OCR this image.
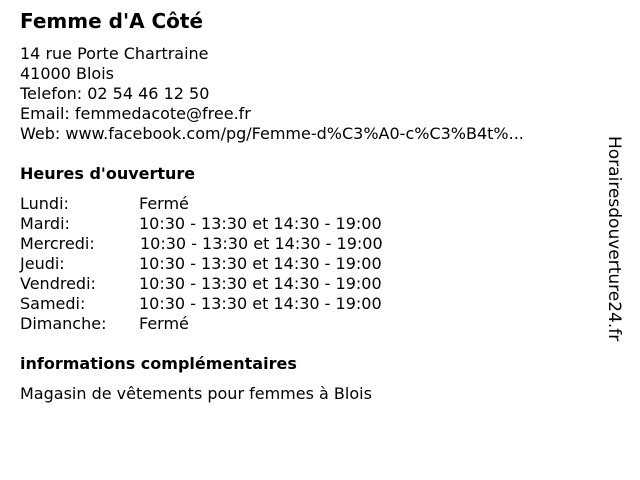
Femme d'A Côté
14 rue Porte Chartraine
41000 Blois
Telefon: 02 54 46 12 50
Email: femmedacote@free.fr
Web: www.facebook.com/pg/Femme-d%C3%A0-c%C3%B4t%...
Heures d'ouverture
Lundi:	Fermé
Mardi:	10:30 - 13:30 et 14:30 - 19:00
Mercredi:	10:30 - 13:30 et 14:30 - 19:00
Jeudi:	10:30 - 13:30 et 14:30 - 19:00
Vendredi:	10:30 - 13:30 et 14:30 - 19:00
Samedi:	10:30 - 13:30 et 14:30 - 19:00
Dimanche: Fermé
informations complémentaires
Magasin de vêtements pour femmes à Blois
Horairesdouverture24.fr
